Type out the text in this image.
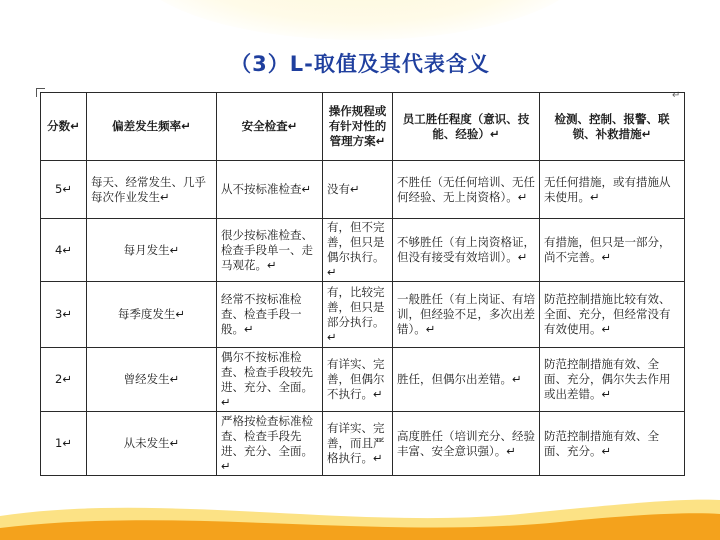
（3）L-取值及其代表含义
↵
分数↵	偏差发生频率↵	安全检查↵	操作规程或有针对性的管理方案↵	员工胜任程度（意识、技能、经验）↵	检测、控制、报警、联锁、补救措施↵
5↵	每天、经常发生、几乎每次作业发生↵	从不按标准检查↵	没有↵	不胜任（无任何培训、无任何经验、无上岗资格）。↵	无任何措施，或有措施从未使用。↵
4↵	每月发生↵	很少按标准检查、检查手段单一、走马观花。↵	有，但不完善，但只是偶尔执行。↵	不够胜任（有上岗资格证，但没有接受有效培训）。↵	有措施，但只是一部分，尚不完善。↵
3↵	每季度发生↵	经常不按标准检查、检查手段一般。↵	有，比较完善，但只是部分执行。↵	一般胜任（有上岗证、有培训，但经验不足，多次出差错）。↵	防范控制措施比较有效、全面、充分，但经常没有有效使用。↵
2↵	曾经发生↵	偶尔不按标准检查、检查手段较先进、充分、全面。↵	有详实、完善，但偶尔不执行。↵	胜任，但偶尔出差错。↵	防范控制措施有效、全面、充分，偶尔失去作用或出差错。↵
1↵	从未发生↵	严格按检查标准检查、检查手段先进、充分、全面。↵	有详实、完善，而且严格执行。↵	高度胜任（培训充分、经验丰富、安全意识强）。↵	防范控制措施有效、全面、充分。↵
